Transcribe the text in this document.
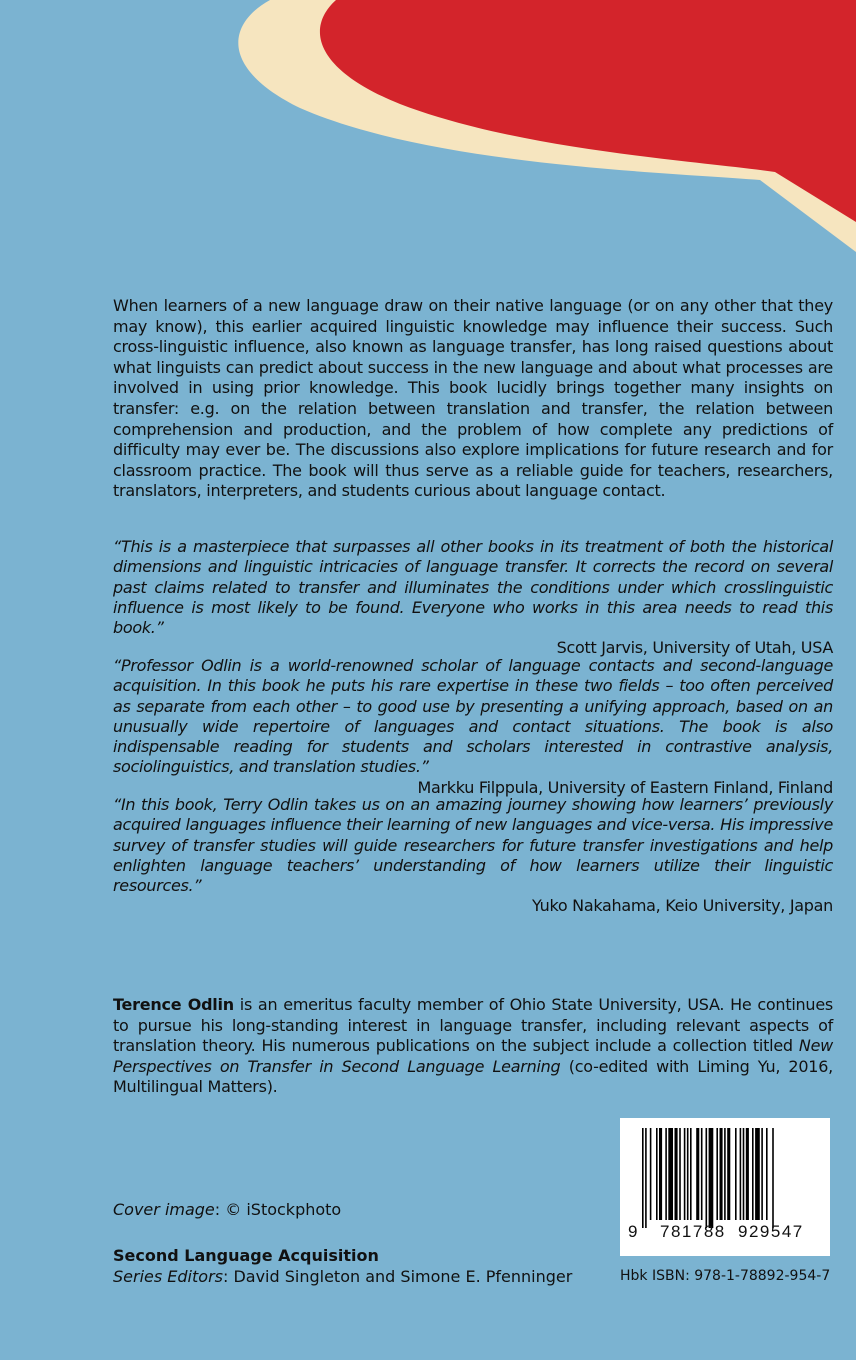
When learners of a new language draw on their native language (or on any other that they may know), this earlier acquired linguistic knowledge may influence their success. Such cross-linguistic influence, also known as language transfer, has long raised questions about what linguists can predict about success in the new language and about what processes are involved in using prior knowledge. This book lucidly brings together many insights on transfer: e.g. on the relation between translation and transfer, the relation between comprehension and production, and the problem of how complete any predictions of difficulty may ever be. The discussions also explore implications for future research and for classroom practice. The book will thus serve as a reliable guide for teachers, researchers, translators, interpreters, and students curious about language contact.

“This is a masterpiece that surpasses all other books in its treatment of both the historical dimensions and linguistic intricacies of language transfer. It corrects the record on several past claims related to transfer and illuminates the conditions under which crosslinguistic influence is most likely to be found. Everyone who works in this area needs to read this book.”
Scott Jarvis, University of Utah, USA
“Professor Odlin is a world-renowned scholar of language contacts and second-language acquisition. In this book he puts his rare expertise in these two fields – too often perceived as separate from each other – to good use by presenting a unifying approach, based on an unusually wide repertoire of languages and contact situations. The book is also indispensable reading for students and scholars interested in contrastive analysis, sociolinguistics, and translation studies.”
Markku Filppula, University of Eastern Finland, Finland
“In this book, Terry Odlin takes us on an amazing journey showing how learners’ previously acquired languages influence their learning of new languages and vice-versa. His impressive survey of transfer studies will guide researchers for future transfer investigations and help enlighten language teachers’ understanding of how learners utilize their linguistic resources.”
Yuko Nakahama, Keio University, Japan

Terence Odlin is an emeritus faculty member of Ohio State University, USA. He continues to pursue his long-standing interest in language transfer, including relevant aspects of translation theory. His numerous publications on the subject include a collection titled New Perspectives on Transfer in Second Language Learning (co-edited with Liming Yu, 2016, Multilingual Matters).

Cover image: © iStockphoto

Second Language Acquisition
Series Editors: David Singleton and Simone E. Pfenninger

9 781788 929547

Hbk ISBN: 978-1-78892-954-7
